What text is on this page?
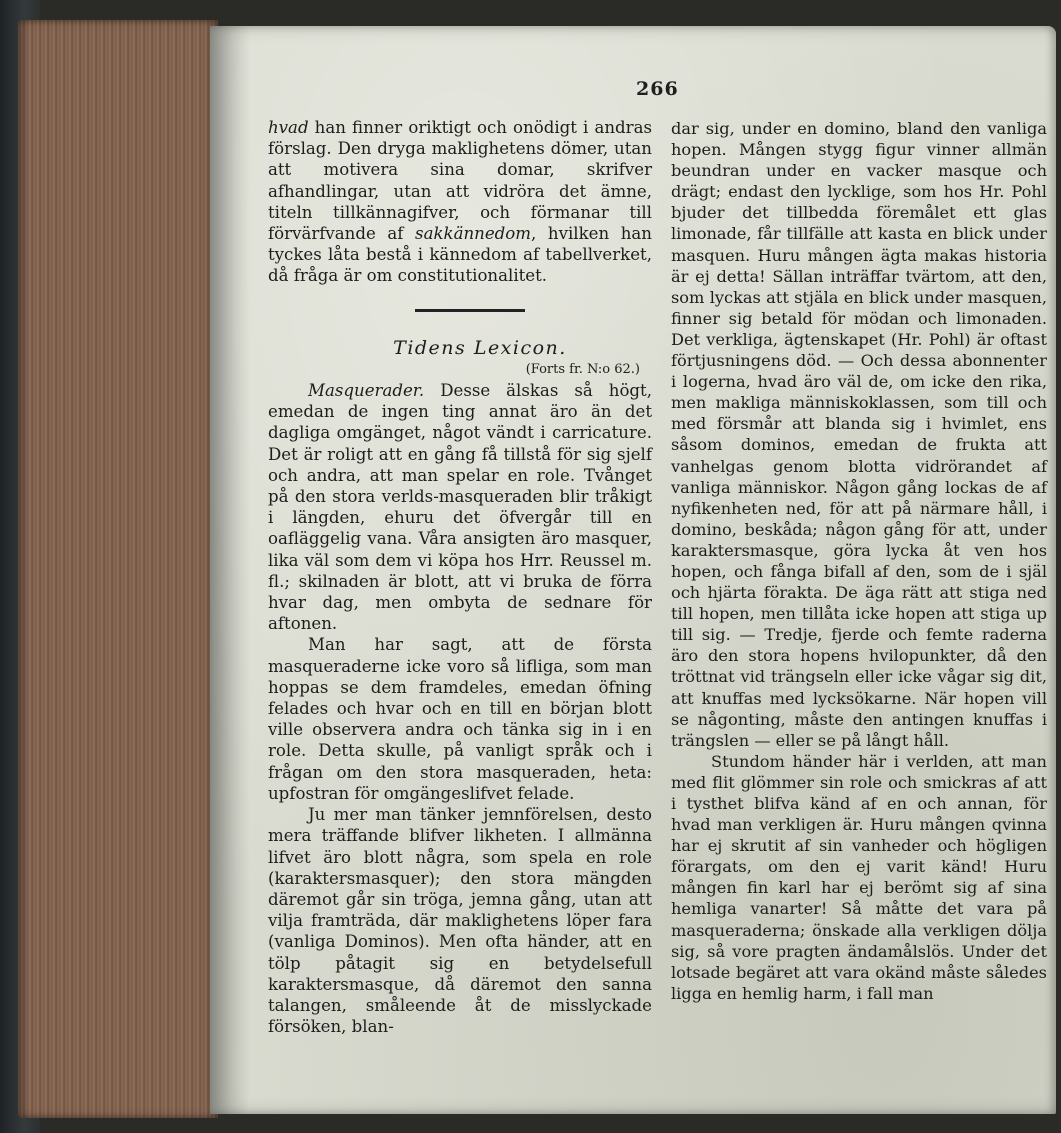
266

hvad han finner oriktigt och onödigt i andras förslag. Den dryga maklighetens dömer, utan att motivera sina domar, skrifver afhandlingar, utan att vidröra det ämne, titeln tillkännagifver, och förmanar till förvärfvande af sakkännedom, hvilken han tyckes låta bestå i kännedom af tabellverket, då fråga är om constitutionalitet.

Tidens Lexicon.

(Forts fr. N:o 62.)

Masquerader. Desse älskas så högt, emedan de ingen ting annat äro än det dagliga omgänget, något vändt i carricature. Det är roligt att en gång få tillstå för sig sjelf och andra, att man spelar en role. Tvånget på den stora verlds-masqueraden blir tråkigt i längden, ehuru det öfvergår till en oafläggelig vana. Våra ansigten äro masquer, lika väl som dem vi köpa hos Hrr. Reussel m. fl.; skilnaden är blott, att vi bruka de förra hvar dag, men ombyta de sednare för aftonen.

Man har sagt, att de första masqueraderne icke voro så lifliga, som man hoppas se dem framdeles, emedan öfning felades och hvar och en till en början blott ville observera andra och tänka sig in i en role. Detta skulle, på vanligt språk och i frågan om den stora masqueraden, heta: upfostran för omgängeslifvet felade.

Ju mer man tänker jemnförelsen, desto mera träffande blifver likheten. I allmänna lifvet äro blott några, som spela en role (karaktersmasquer); den stora mängden däremot går sin tröga, jemna gång, utan att vilja framträda, där maklighetens löper fara (vanliga Dominos). Men ofta händer, att en tölp påtagit sig en betydelsefull karaktersmasque, då däremot den sanna talangen, småleende åt de misslyckade försöken, blan-

dar sig, under en domino, bland den vanliga hopen. Mången stygg figur vinner allmän beundran under en vacker masque och drägt; endast den lycklige, som hos Hr. Pohl bjuder det tillbedda föremålet ett glas limonade, får tillfälle att kasta en blick under masquen. Huru mången ägta makas historia är ej detta! Sällan inträffar tvärtom, att den, som lyckas att stjäla en blick under masquen, finner sig betald för mödan och limonaden. Det verkliga, ägtenskapet (Hr. Pohl) är oftast förtjusningens död. — Och dessa abonnenter i logerna, hvad äro väl de, om icke den rika, men makliga människoklassen, som till och med försmår att blanda sig i hvimlet, ens såsom dominos, emedan de frukta att vanhelgas genom blotta vidrörandet af vanliga människor. Någon gång lockas de af nyfikenheten ned, för att på närmare håll, i domino, beskåda; någon gång för att, under karaktersmasque, göra lycka åt ven hos hopen, och fånga bifall af den, som de i själ och hjärta förakta. De äga rätt att stiga ned till hopen, men tillåta icke hopen att stiga up till sig. — Tredje, fjerde och femte raderna äro den stora hopens hvilopunkter, då den tröttnat vid trängseln eller icke vågar sig dit, att knuffas med lycksökarne. När hopen vill se någonting, måste den antingen knuffas i trängslen — eller se på långt håll.

Stundom händer här i verlden, att man med flit glömmer sin role och smickras af att i tysthet blifva känd af en och annan, för hvad man verkligen är. Huru mången qvinna har ej skrutit af sin vanheder och högligen förargats, om den ej varit känd! Huru mången fin karl har ej berömt sig af sina hemliga vanarter! Så måtte det vara på masqueraderna; önskade alla verkligen dölja sig, så vore pragten ändamålslös. Under det lotsade begäret att vara okänd måste således ligga en hemlig harm, i fall man
